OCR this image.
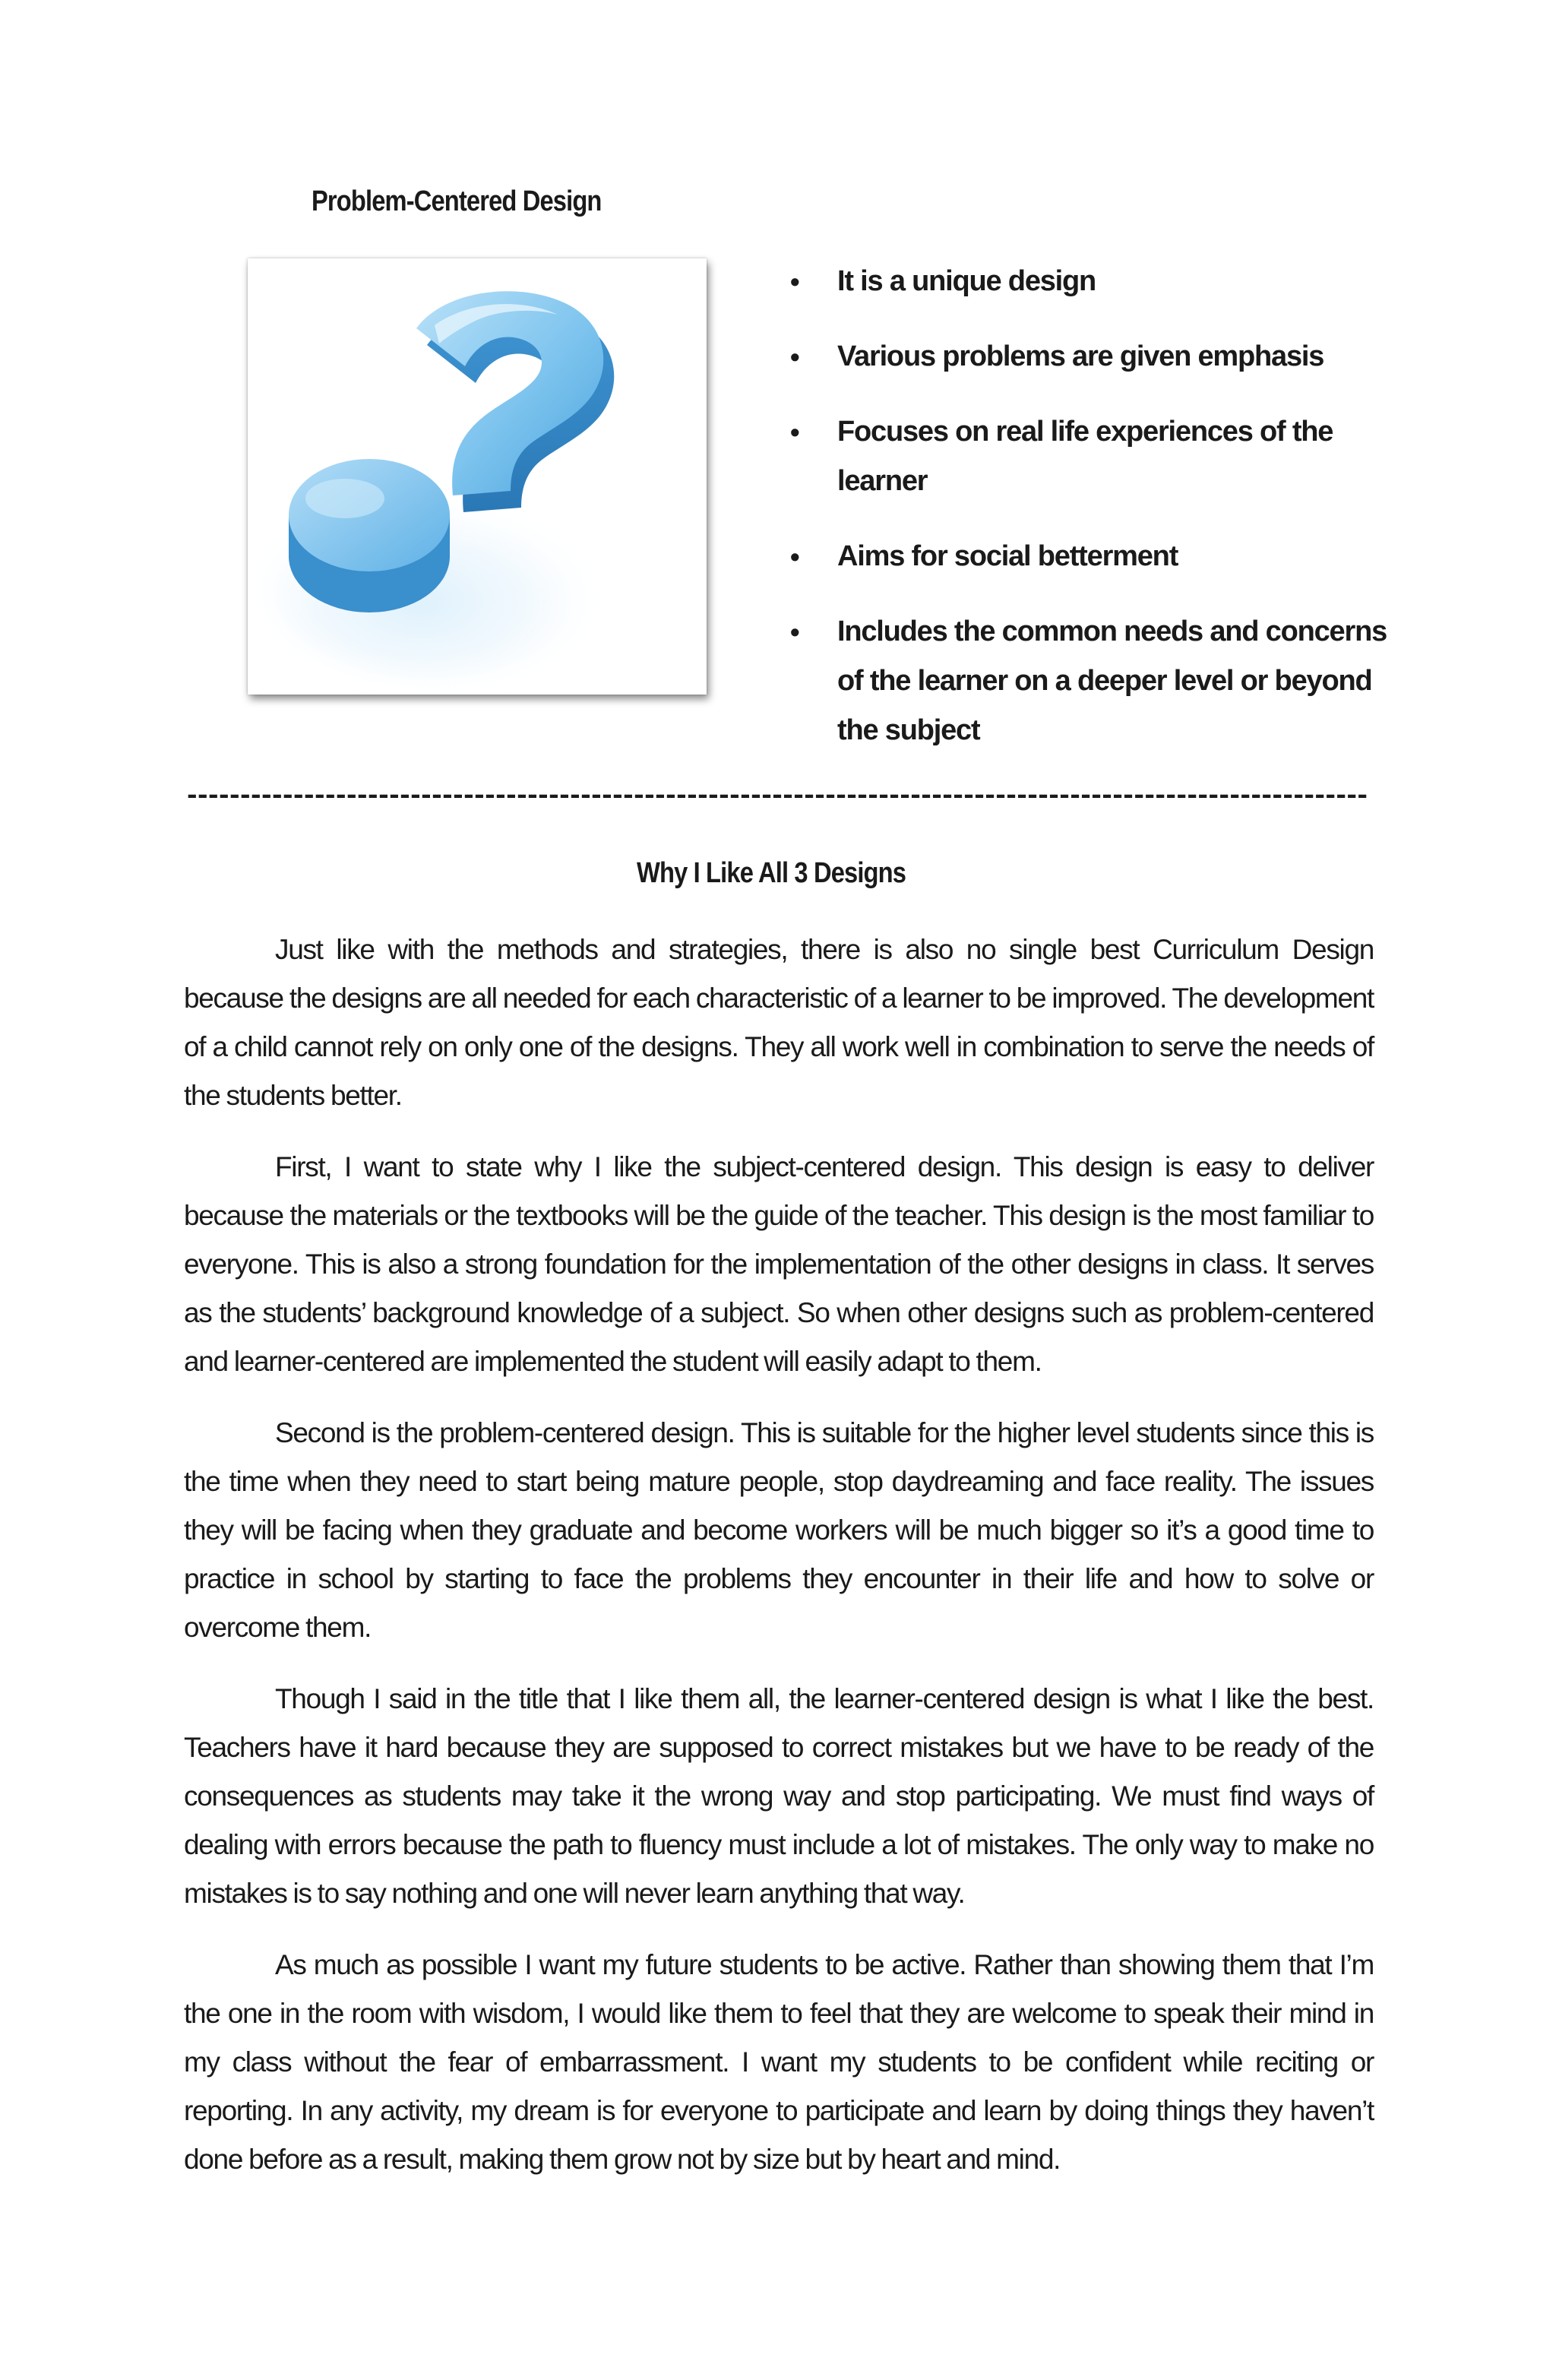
Problem-Centered Design
• It is a unique design
• Various problems are given emphasis
• Focuses on real life experiences of the learner
• Aims for social betterment
• Includes the common needs and concerns of the learner on a deeper level or beyond the subject
---------------------------------------------------------------------------------------------------------------
Why I Like All 3 Designs

Just like with the methods and strategies, there is also no single best Curriculum Design because the designs are all needed for each characteristic of a learner to be improved. The development of a child cannot rely on only one of the designs. They all work well in combination to serve the needs of the students better.

First, I want to state why I like the subject-centered design. This design is easy to deliver because the materials or the textbooks will be the guide of the teacher. This design is the most familiar to everyone. This is also a strong foundation for the implementation of the other designs in class. It serves as the students’ background knowledge of a subject. So when other designs such as problem-centered and learner-centered are implemented the student will easily adapt to them.

Second is the problem-centered design. This is suitable for the higher level students since this is the time when they need to start being mature people, stop daydreaming and face reality. The issues they will be facing when they graduate and become workers will be much bigger so it’s a good time to practice in school by starting to face the problems they encounter in their life and how to solve or overcome them.

Though I said in the title that I like them all, the learner-centered design is what I like the best. Teachers have it hard because they are supposed to correct mistakes but we have to be ready of the consequences as students may take it the wrong way and stop participating. We must find ways of dealing with errors because the path to fluency must include a lot of mistakes. The only way to make no mistakes is to say nothing and one will never learn anything that way.

As much as possible I want my future students to be active. Rather than showing them that I’m the one in the room with wisdom, I would like them to feel that they are welcome to speak their mind in my class without the fear of embarrassment. I want my students to be confident while reciting or reporting. In any activity, my dream is for everyone to participate and learn by doing things they haven’t done before as a result, making them grow not by size but by heart and mind.
